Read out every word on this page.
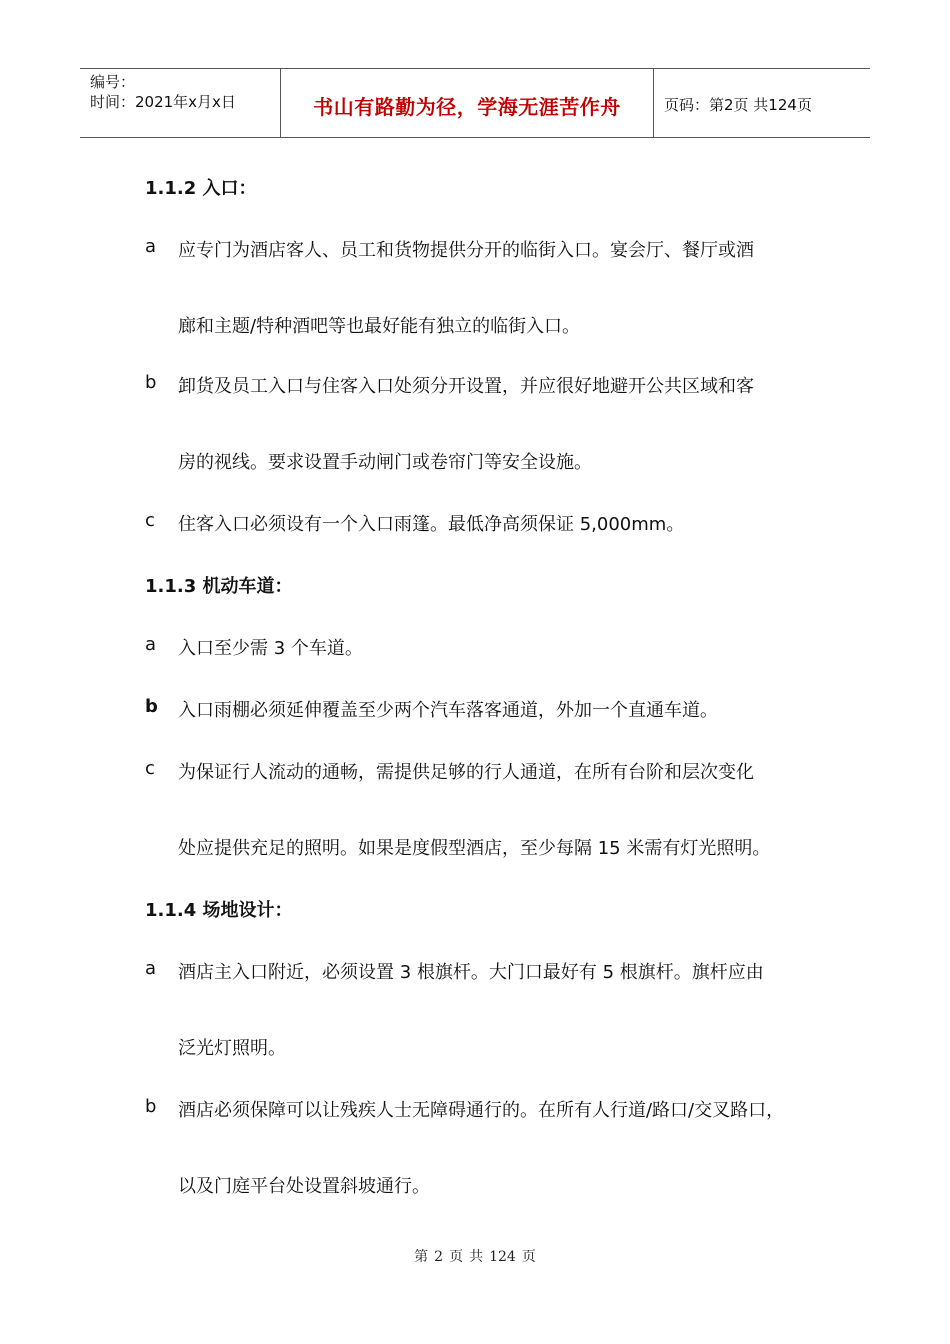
编号：
时间：2021年x月x日	书山有路勤为径，学海无涯苦作舟	页码：第2页 共124页
1.1.2 入口：
a 应专门为酒店客人、员工和货物提供分开的临街入口。宴会厅、餐厅或酒
廊和主题/特种酒吧等也最好能有独立的临街入口。
b 卸货及员工入口与住客入口处须分开设置，并应很好地避开公共区域和客
房的视线。要求设置手动闸门或卷帘门等安全设施。
c 住客入口必须设有一个入口雨篷。最低净高须保证 5,000mm。
1.1.3 机动车道：
a 入口至少需 3 个车道。
b 入口雨棚必须延伸覆盖至少两个汽车落客通道，外加一个直通车道。
c 为保证行人流动的通畅，需提供足够的行人通道，在所有台阶和层次变化
处应提供充足的照明。如果是度假型酒店，至少每隔 15 米需有灯光照明。
1.1.4 场地设计：
a 酒店主入口附近，必须设置 3 根旗杆。大门口最好有 5 根旗杆。旗杆应由
泛光灯照明。
b 酒店必须保障可以让残疾人士无障碍通行的。在所有人行道/路口/交叉路口，
以及门庭平台处设置斜坡通行。
第 2 页 共 124 页
